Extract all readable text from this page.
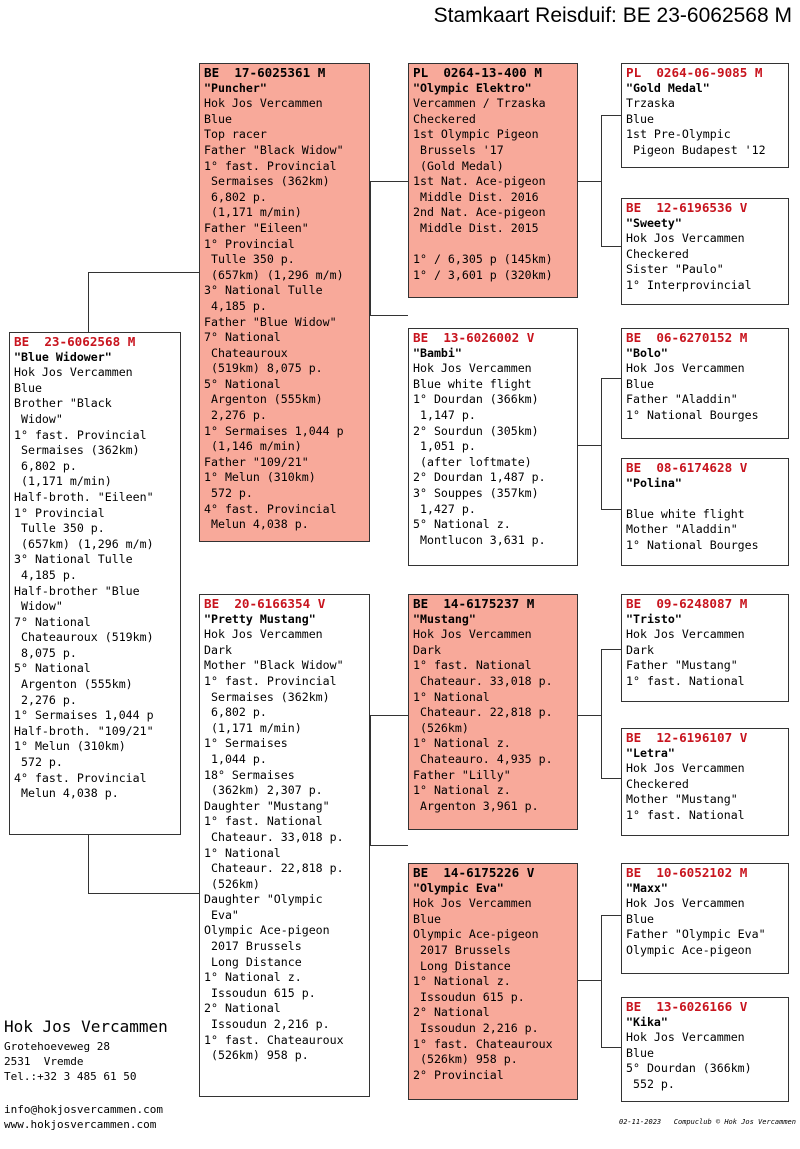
Stamkaart Reisduif: BE 23-6062568 M
BE  23-6062568 M
"Blue Widower"
Hok Jos Vercammen
Blue
Brother "Black
Widow"
1° fast. Provincial
Sermaises (362km)
6,802 p.
(1,171 m/min)
Half-broth. "Eileen"
1° Provincial
Tulle 350 p.
(657km) (1,296 m/m)
3° National Tulle
4,185 p.
Half-brother "Blue
Widow"
7° National
Chateauroux (519km)
8,075 p.
5° National
Argenton (555km)
2,276 p.
1° Sermaises 1,044 p
Half-broth. "109/21"
1° Melun (310km)
572 p.
4° fast. Provincial
Melun 4,038 p.
BE  17-6025361 M
"Puncher"
Hok Jos Vercammen
Blue
Top racer
Father "Black Widow"
1° fast. Provincial
Sermaises (362km)
6,802 p.
(1,171 m/min)
Father "Eileen"
1° Provincial
Tulle 350 p.
(657km) (1,296 m/m)
3° National Tulle
4,185 p.
Father "Blue Widow"
7° National
Chateauroux
(519km) 8,075 p.
5° National
Argenton (555km)
2,276 p.
1° Sermaises 1,044 p
(1,146 m/min)
Father "109/21"
1° Melun (310km)
572 p.
4° fast. Provincial
Melun 4,038 p.
BE  20-6166354 V
"Pretty Mustang"
Hok Jos Vercammen
Dark
Mother "Black Widow"
1° fast. Provincial
Sermaises (362km)
6,802 p.
(1,171 m/min)
1° Sermaises
1,044 p.
18° Sermaises
(362km) 2,307 p.
Daughter "Mustang"
1° fast. National
Chateaur. 33,018 p.
1° National
Chateaur. 22,818 p.
(526km)
Daughter "Olympic
Eva"
Olympic Ace-pigeon
2017 Brussels
Long Distance
1° National z.
Issoudun 615 p.
2° National
Issoudun 2,216 p.
1° fast. Chateauroux
(526km) 958 p.
PL  0264-13-400 M
"Olympic Elektro"
Vercammen / Trzaska
Checkered
1st Olympic Pigeon
Brussels '17
(Gold Medal)
1st Nat. Ace-pigeon
Middle Dist. 2016
2nd Nat. Ace-pigeon
Middle Dist. 2015

1° / 6,305 p (145km)
1° / 3,601 p (320km)
BE  13-6026002 V
"Bambi"
Hok Jos Vercammen
Blue white flight
1° Dourdan (366km)
1,147 p.
2° Sourdun (305km)
1,051 p.
(after loftmate)
2° Dourdan 1,487 p.
3° Souppes (357km)
1,427 p.
5° National z.
Montlucon 3,631 p.
BE  14-6175237 M
"Mustang"
Hok Jos Vercammen
Dark
1° fast. National
Chateaur. 33,018 p.
1° National
Chateaur. 22,818 p.
(526km)
1° National z.
Chateauro. 4,935 p.
Father "Lilly"
1° National z.
Argenton 3,961 p.
BE  14-6175226 V
"Olympic Eva"
Hok Jos Vercammen
Blue
Olympic Ace-pigeon
2017 Brussels
Long Distance
1° National z.
Issoudun 615 p.
2° National
Issoudun 2,216 p.
1° fast. Chateauroux
(526km) 958 p.
2° Provincial
PL  0264-06-9085 M
"Gold Medal"
Trzaska
Blue
1st Pre-Olympic
Pigeon Budapest '12
BE  12-6196536 V
"Sweety"
Hok Jos Vercammen
Checkered
Sister "Paulo"
1° Interprovincial
BE  06-6270152 M
"Bolo"
Hok Jos Vercammen
Blue
Father "Aladdin"
1° National Bourges
BE  08-6174628 V
"Polina"

Blue white flight
Mother "Aladdin"
1° National Bourges
BE  09-6248087 M
"Tristo"
Hok Jos Vercammen
Dark
Father "Mustang"
1° fast. National
BE  12-6196107 V
"Letra"
Hok Jos Vercammen
Checkered
Mother "Mustang"
1° fast. National
BE  10-6052102 M
"Maxx"
Hok Jos Vercammen
Blue
Father "Olympic Eva"
Olympic Ace-pigeon
BE  13-6026166 V
"Kika"
Hok Jos Vercammen
Blue
5° Dourdan (366km)
552 p.
Hok Jos Vercammen
Grotehoeveweg 28
2531  Vremde
Tel.:+32 3 485 61 50
info@hokjosvercammen.com
www.hokjosvercammen.com	02-11-2023   Compuclub © Hok Jos Vercammen
